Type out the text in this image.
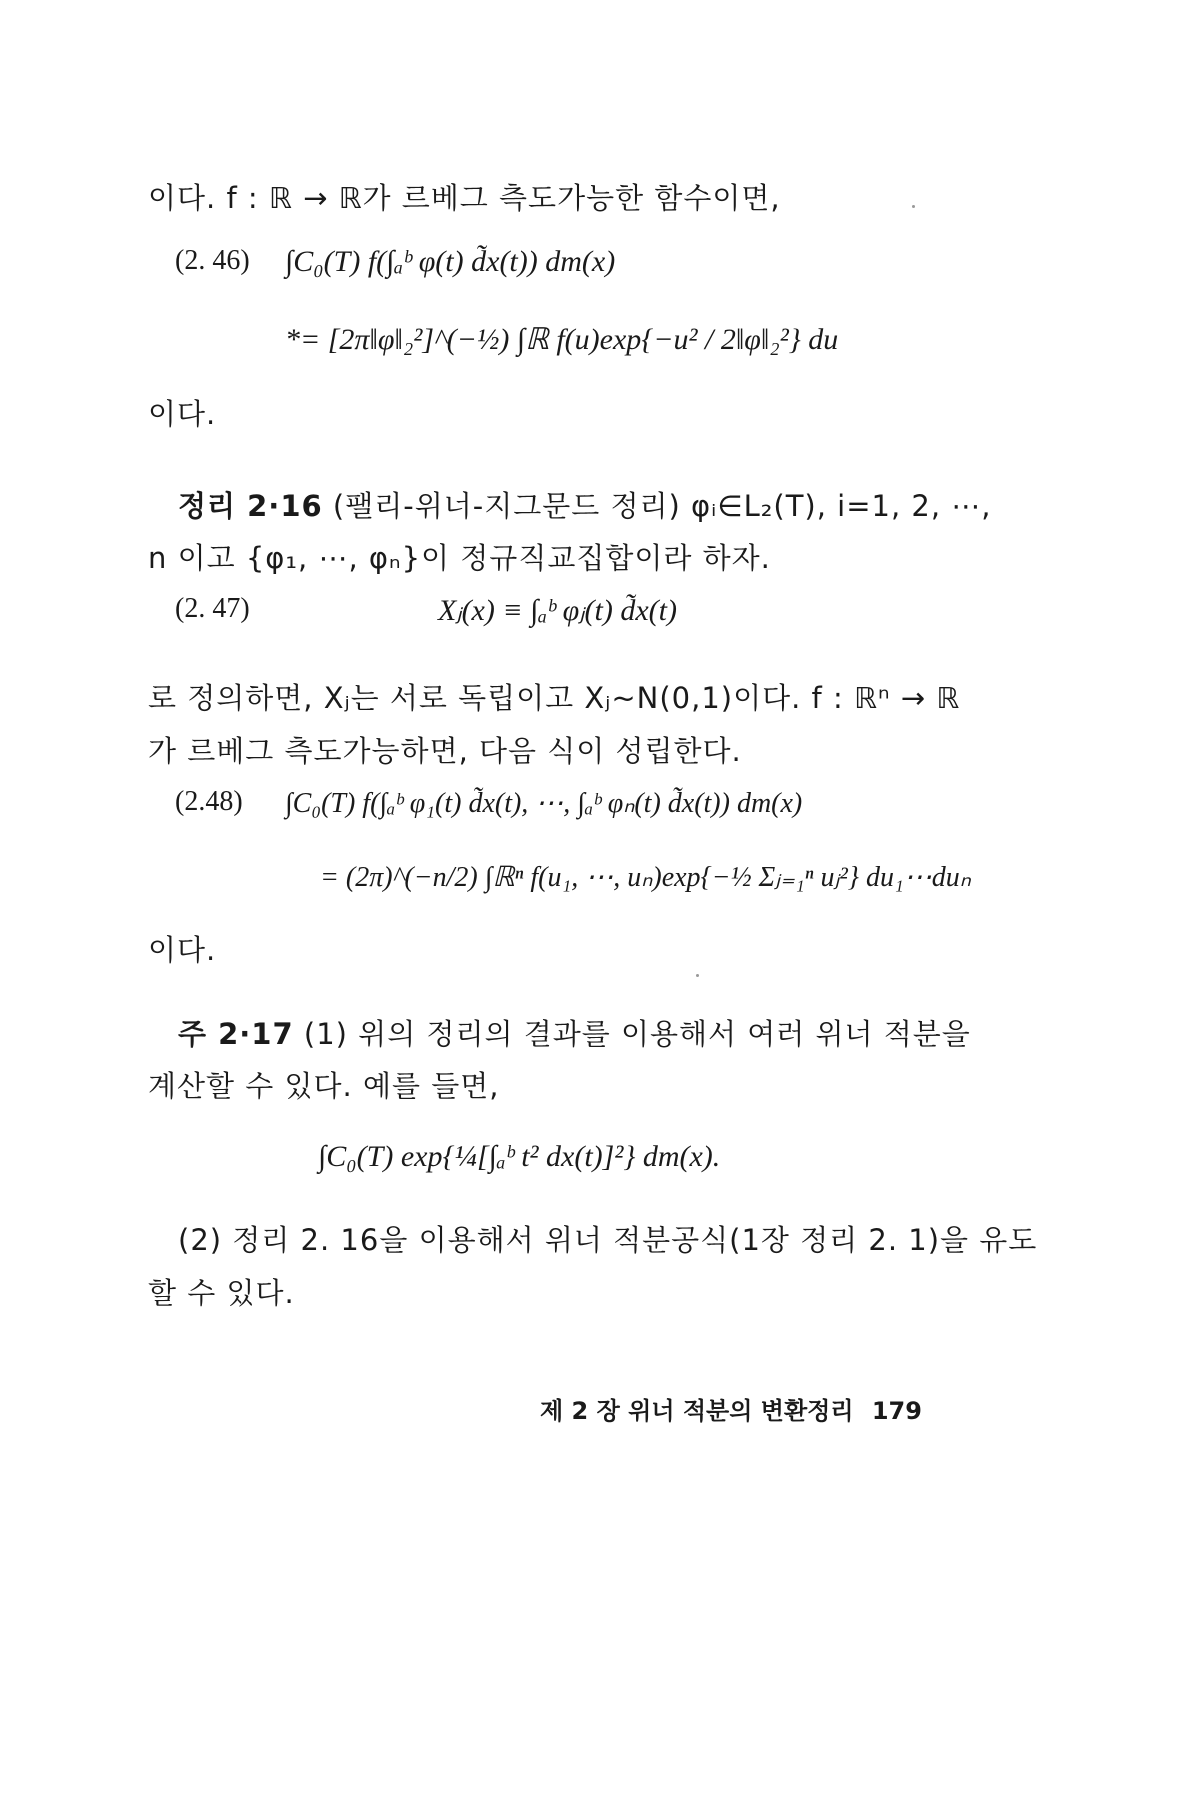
이다. f : ℝ → ℝ가 르베그 측도가능한 함수이면,
(2. 46) ∫C₀(T) f(∫ₐᵇ φ(t) d̃x(t)) dm(x)
*= [2π‖φ‖₂²]^(−½) ∫ℝ f(u)exp{−u² / 2‖φ‖₂²} du
이다.
정리 2·16 (팰리-위너-지그문드 정리) φᵢ∈L₂(T), i=1, 2, ⋯,
n 이고 {φ₁, ⋯, φₙ}이 정규직교집합이라 하자.
(2. 47)	Xⱼ(x) ≡ ∫ₐᵇ φⱼ(t) d̃x(t)
로 정의하면, Xⱼ는 서로 독립이고 Xⱼ~N(0,1)이다. f : ℝⁿ → ℝ
가 르베그 측도가능하면, 다음 식이 성립한다.
(2.48) ∫C₀(T) f(∫ₐᵇ φ₁(t) d̃x(t), ⋯, ∫ₐᵇ φₙ(t) d̃x(t)) dm(x)
= (2π)^(−n/2) ∫ℝⁿ f(u₁, ⋯, uₙ)exp{−½ Σⱼ₌₁ⁿ uⱼ²} du₁⋯duₙ
이다.
주 2·17 (1) 위의 정리의 결과를 이용해서 여러 위너 적분을
계산할 수 있다. 예를 들면,
∫C₀(T) exp{¼[∫ₐᵇ t² dx(t)]²} dm(x).
(2) 정리 2. 16을 이용해서 위너 적분공식(1장 정리 2. 1)을 유도
할 수 있다.
제 2 장 위너 적분의 변환정리 179
